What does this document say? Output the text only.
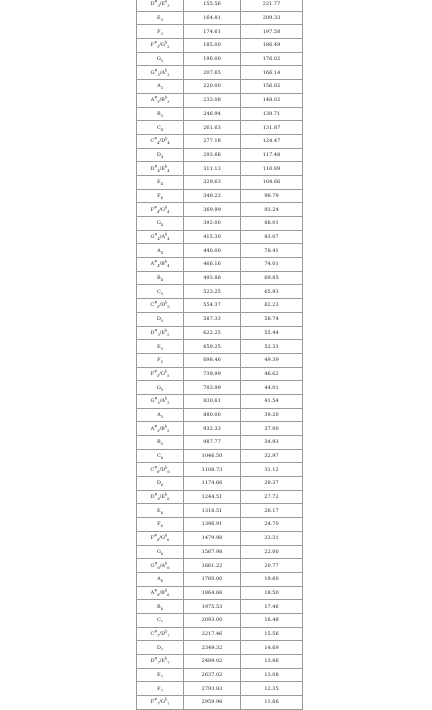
$D^{\#}_3/E^b_3$	155.56	221.77	
$E_3$	164.81	209.33	
$F_3$	174.61	197.58	
$F^{\#}_3/G^b_3$	185.00	186.49	
$G_3$	196.00	176.02	
$G^{\#}_3/A^b_3$	207.65	166.14	
$A_3$	220.00	156.82	
$A^{\#}_3/B^b_3$	233.08	148.02	
$B_3$	246.94	139.71	
$C_4$	261.63	131.87	
$C^{\#}_4/D^b_4$	277.18	124.47	
$D_4$	293.66	117.48	
$D^{\#}_4/E^b_4$	311.13	110.89	
$E_4$	329.63	104.66	
$F_4$	349.23	98.79	
$F^{\#}_4/G^b_4$	369.99	93.24	
$G_4$	392.00	88.01	
$G^{\#}_4/A^b_4$	415.30	83.07	
$A_4$	440.00	78.41	
$A^{\#}_4/B^b_4$	466.16	74.01	
$B_4$	493.88	69.85	
$C_5$	523.25	65.93	
$C^{\#}_5/D^b_5$	554.37	62.23	
$D_5$	587.33	58.74	
$D^{\#}_5/E^b_5$	622.25	55.44	
$E_5$	659.25	52.33	
$F_5$	698.46	49.39	
$F^{\#}_5/G^b_5$	739.99	46.62	
$G_5$	783.99	44.01	
$G^{\#}_5/A^b_5$	830.61	41.54	
$A_5$	880.00	39.20	
$A^{\#}_5/B^b_5$	932.33	37.00	
$B_5$	987.77	34.93	
$C_6$	1046.50	32.97	
$C^{\#}_6/D^b_6$	1108.73	31.12	
$D_6$	1174.66	29.37	
$D^{\#}_6/E^b_6$	1244.51	27.72	
$E_6$	1318.51	26.17	
$F_6$	1396.91	24.70	
$F^{\#}_6/G^b_6$	1479.98	23.31	
$G_6$	1567.98	22.00	
$G^{\#}_6/A^b_6$	1661.22	20.77	
$A_6$	1760.00	19.60	
$A^{\#}_6/B^b_6$	1864.66	18.50	
$B_6$	1975.53	17.46	
$C_7$	2093.00	16.48	
$C^{\#}_7/D^b_7$	2217.46	15.56	
$D_7$	2349.32	14.69	
$D^{\#}_7/E^b_7$	2489.02	13.86	
$E_7$	2637.02	13.08	
$F_7$	2793.83	12.35	
$F^{\#}_7/G^b_7$	2959.96	11.66	
